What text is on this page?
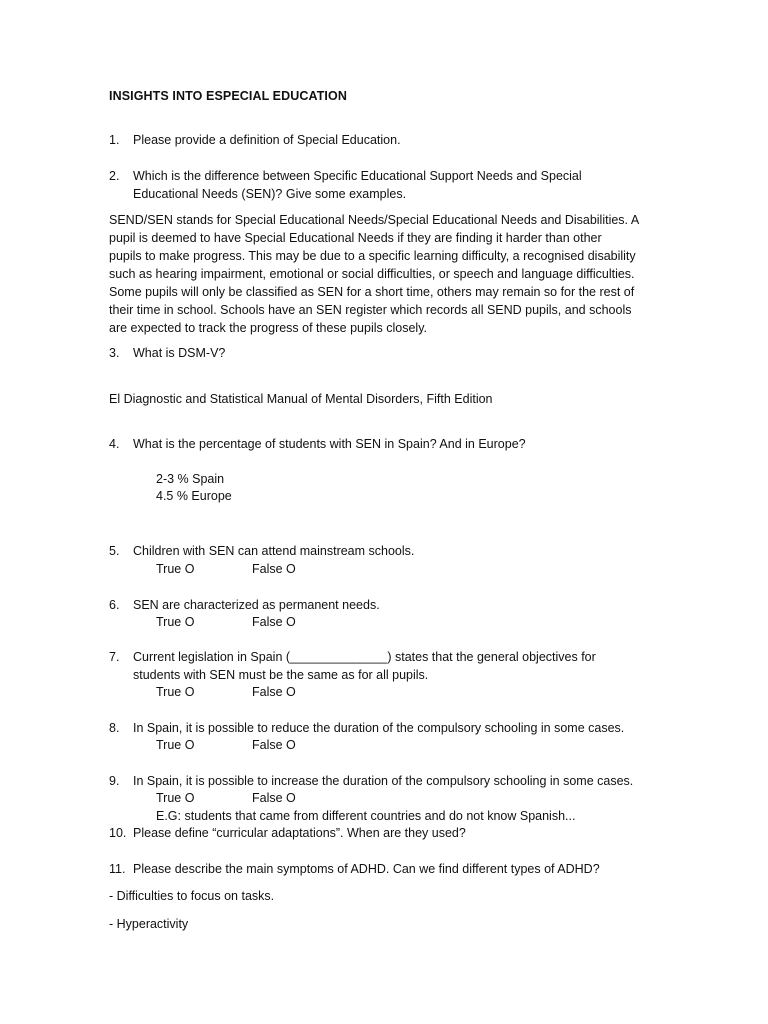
INSIGHTS INTO ESPECIAL EDUCATION
1.	Please provide a definition of Special Education.
2.	Which is the difference between Specific Educational Support Needs and Special
Educational Needs (SEN)? Give some examples.
SEND/SEN stands for Special Educational Needs/Special Educational Needs and Disabilities. A
pupil is deemed to have Special Educational Needs if they are finding it harder than other
pupils to make progress. This may be due to a specific learning difficulty, a recognised disability
such as hearing impairment, emotional or social difficulties, or speech and language difficulties.
Some pupils will only be classified as SEN for a short time, others may remain so for the rest of
their time in school. Schools have an SEN register which records all SEND pupils, and schools
are expected to track the progress of these pupils closely.
3.	What is DSM-V?
El Diagnostic and Statistical Manual of Mental Disorders, Fifth Edition
4.	What is the percentage of students with SEN in Spain? And in Europe?
2-3 % Spain
4.5 % Europe
5.	Children with SEN can attend mainstream schools.
True O	False O
6.	SEN are characterized as permanent needs.
True O	False O
7.	Current legislation in Spain (______________) states that the general objectives for
students with SEN must be the same as for all pupils.
True O	False O
8.	In Spain, it is possible to reduce the duration of the compulsory schooling in some cases.
True O	False O
9.	In Spain, it is possible to increase the duration of the compulsory schooling in some cases.
True O	False O
E.G: students that came from different countries and do not know Spanish...
10. Please define “curricular adaptations”. When are they used?
11. Please describe the main symptoms of ADHD. Can we find different types of ADHD?
- Difficulties to focus on tasks.
- Hyperactivity
